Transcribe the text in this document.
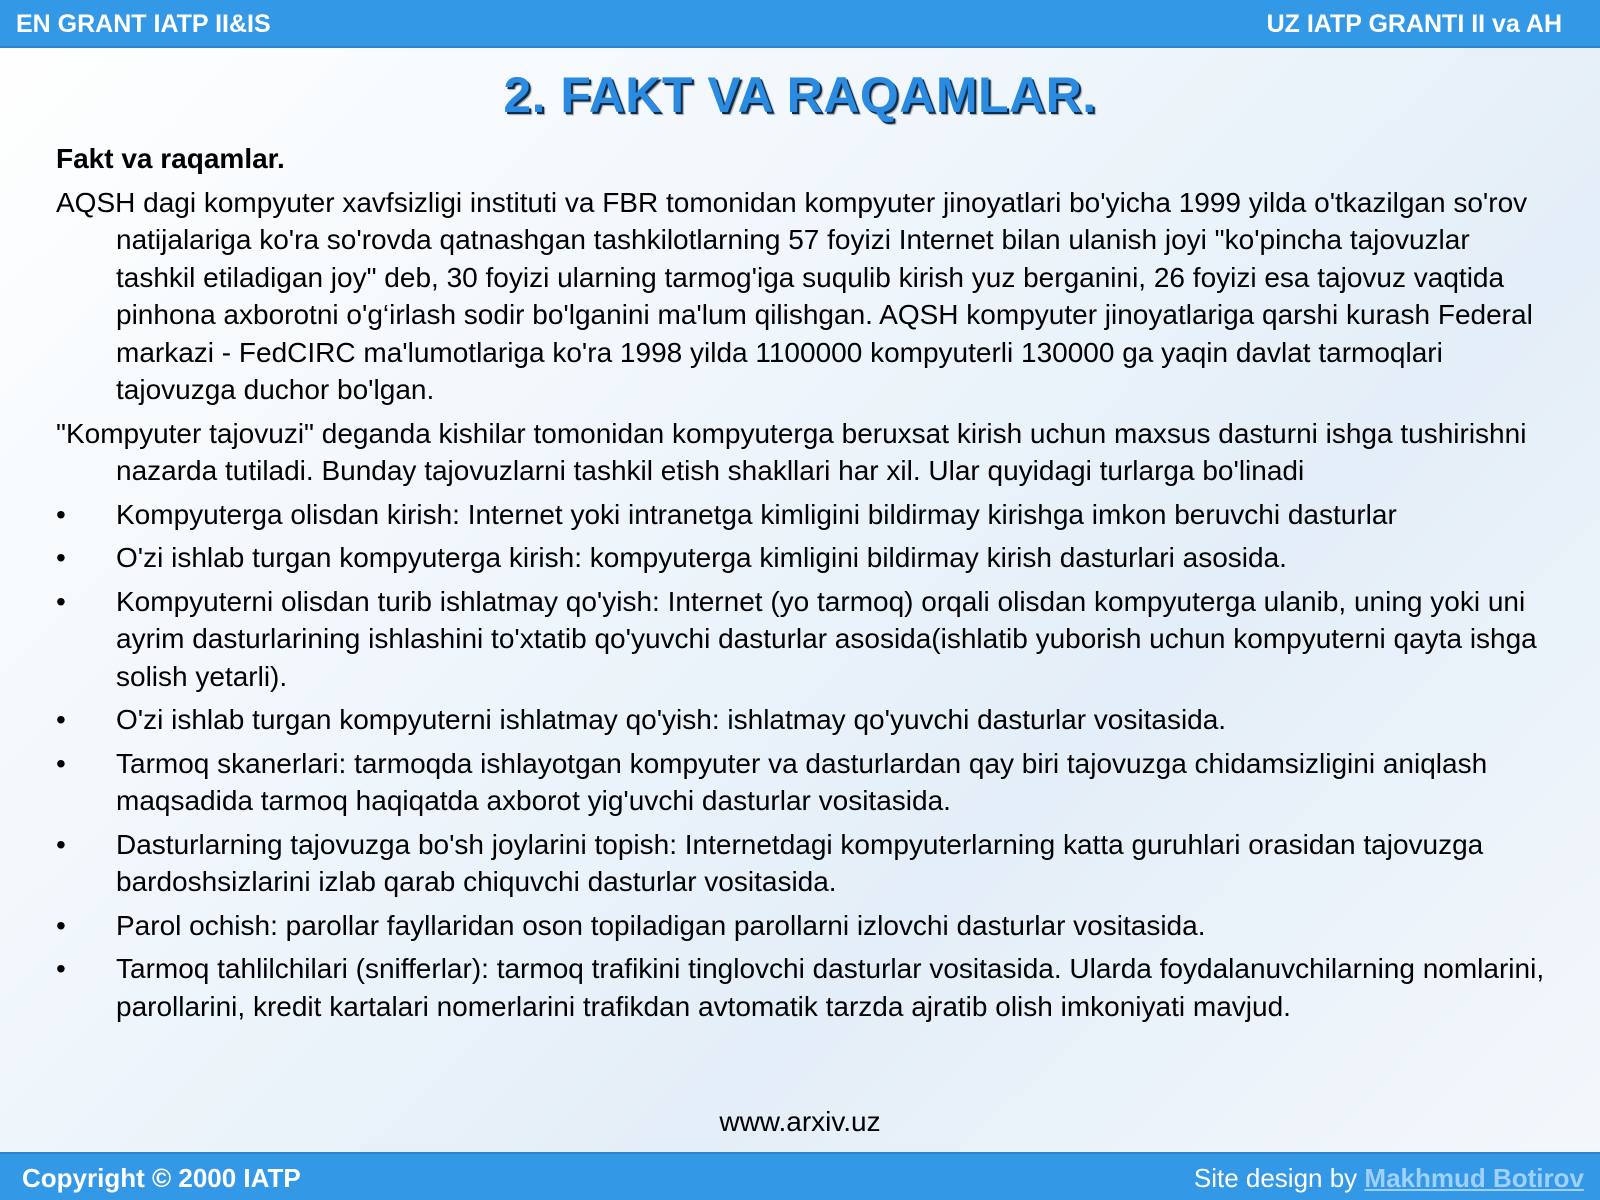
EN GRANT IATP II&IS	UZ IATP GRANTI II va AH
2. FAKT VA RAQAMLAR.
Fakt va raqamlar.

AQSH dagi kompyuter xavfsizligi instituti va FBR tomonidan kompyuter jinoyatlari bo'yicha 1999 yilda o'tkazilgan so'rov natijalariga ko'ra so'rovda qatnashgan tashkilotlarning 57 foyizi Internet bilan ulanish joyi "ko'pincha tajovuzlar tashkil etiladigan joy" deb, 30 foyizi ularning tarmog'iga suqulib kirish yuz berganini, 26 foyizi esa tajovuz vaqtida pinhona axborotni o'g‘irlash sodir bo'lganini ma'lum qilishgan. AQSH kompyuter jinoyatlariga qarshi kurash Federal markazi - FedCIRC ma'lumotlariga ko'ra 1998 yilda 1100000 kompyuterli 130000 ga yaqin davlat tarmoqlari tajovuzga duchor bo'lgan.

"Kompyuter tajovuzi" deganda kishilar tomonidan kompyuterga beruxsat kirish uchun maxsus dasturni ishga tushirishni nazarda tutiladi. Bunday tajovuzlarni tashkil etish shakllari har xil. Ular quyidagi turlarga bo'linadi

•	Kompyuterga olisdan kirish: Internet yoki intranetga kimligini bildirmay kirishga imkon beruvchi dasturlar
•	O'zi ishlab turgan kompyuterga kirish: kompyuterga kimligini bildirmay kirish dasturlari asosida.
•	Kompyuterni olisdan turib ishlatmay qo'yish: Internet (yo tarmoq) orqali olisdan kompyuterga ulanib, uning yoki uni ayrim dasturlarining ishlashini to'xtatib qo'yuvchi dasturlar asosida(ishlatib yuborish uchun kompyuterni qayta ishga solish yetarli).
•	O'zi ishlab turgan kompyuterni ishlatmay qo'yish: ishlatmay qo'yuvchi dasturlar vositasida.
•	Tarmoq skanerlari: tarmoqda ishlayotgan kompyuter va dasturlardan qay biri tajovuzga chidamsizligini aniqlash maqsadida tarmoq haqiqatda axborot yig'uvchi dasturlar vositasida.
•	Dasturlarning tajovuzga bo'sh joylarini topish: Internetdagi kompyuterlarning katta guruhlari orasidan tajovuzga bardoshsizlarini izlab qarab chiquvchi dasturlar vositasida.
•	Parol ochish: parollar fayllaridan oson topiladigan parollarni izlovchi dasturlar vositasida.
•	Tarmoq tahlilchilari (snifferlar): tarmoq trafikini tinglovchi dasturlar vositasida. Ularda foydalanuvchilarning nomlarini, parollarini, kredit kartalari nomerlarini trafikdan avtomatik tarzda ajratib olish imkoniyati mavjud.
www.arxiv.uz
Copyright © 2000 IATP	Site design by Makhmud Botirov
